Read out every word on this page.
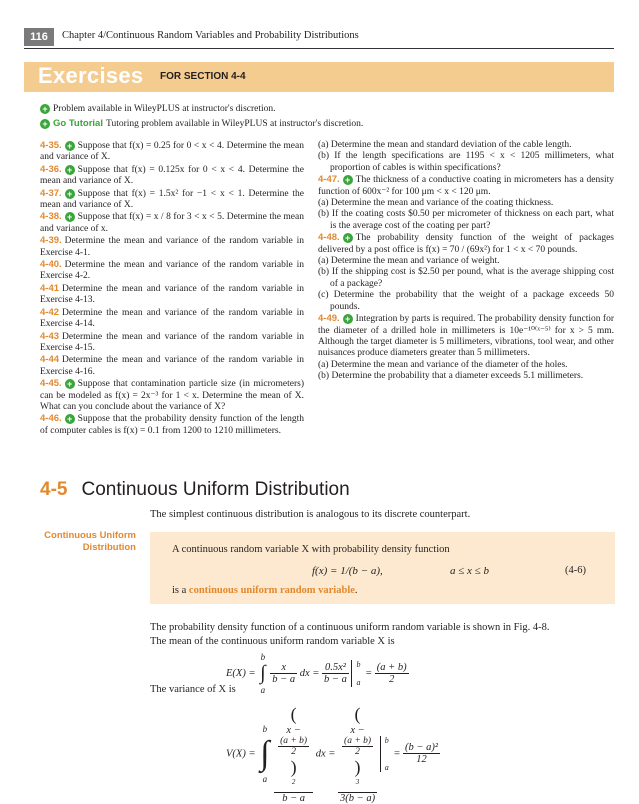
116	Chapter 4/Continuous Random Variables and Probability Distributions
Exercises FOR SECTION 4-4
+ Problem available in WileyPLUS at instructor's discretion.
+ Go Tutorial Tutoring problem available in WileyPLUS at instructor's discretion.

4-35. + Suppose that f(x) = 0.25 for 0 < x < 4. Determine the mean and variance of X.

4-36. + Suppose that f(x) = 0.125x for 0 < x < 4. Determine the mean and variance of X.

4-37. + Suppose that f(x) = 1.5x² for −1 < x < 1. Determine the mean and variance of X.

4-38. + Suppose that f(x) = x / 8 for 3 < x < 5. Determine the mean and variance of x.

4-39. Determine the mean and variance of the random variable in Exercise 4-1.

4-40. Determine the mean and variance of the random variable in Exercise 4-2.

4-41 Determine the mean and variance of the random variable in Exercise 4-13.

4-42 Determine the mean and variance of the random variable in Exercise 4-14.

4-43 Determine the mean and variance of the random variable in Exercise 4-15.

4-44 Determine the mean and variance of the random variable in Exercise 4-16.

4-45. + Suppose that contamination particle size (in micrometers) can be modeled as f(x) = 2x⁻³ for 1 < x. Determine the mean of X. What can you conclude about the variance of X?

4-46. + Suppose that the probability density function of the length of computer cables is f(x) = 0.1 from 1200 to 1210 millimeters.

(a) Determine the mean and standard deviation of the cable length.

(b) If the length specifications are 1195 < x < 1205 millimeters, what proportion of cables is within specifications?

4-47. + The thickness of a conductive coating in micrometers has a density function of 600x⁻² for 100 μm < x < 120 μm.

(a) Determine the mean and variance of the coating thickness.

(b) If the coating costs $0.50 per micrometer of thickness on each part, what is the average cost of the coating per part?

4-48. + The probability density function of the weight of packages delivered by a post office is f(x) = 70 / (69x²) for 1 < x < 70 pounds.

(a) Determine the mean and variance of weight.

(b) If the shipping cost is $2.50 per pound, what is the average shipping cost of a package?

(c) Determine the probability that the weight of a package exceeds 50 pounds.

4-49. + Integration by parts is required. The probability density function for the diameter of a drilled hole in millimeters is 10e⁻¹⁰⁽ˣ⁻⁵⁾ for x > 5 mm. Although the target diameter is 5 millimeters, vibrations, tool wear, and other nuisances produce diameters greater than 5 millimeters.

(a) Determine the mean and variance of the diameter of the holes.

(b) Determine the probability that a diameter exceeds 5.1 millimeters.

4-5 Continuous Uniform Distribution
The simplest continuous distribution is analogous to its discrete counterpart.
Continuous Uniform Distribution	A continuous random variable X with probability density function
f(x) = 1/(b − a),	a ≤ x ≤ b	(4-6)
is a continuous uniform random variable.
The probability density function of a continuous uniform random variable is shown in Fig. 4-8.
The mean of the continuous uniform random variable X is
E(X) =
b
∫
a

$\frac{x}{b - a}$ dx = $\frac{\text{0.5x²}}{b - a}$
b

a
= $\frac{(a + b)}{2}$
The variance of X is
V(X) =
b
∫
a
(
x −
(a + b)
2
)
$^2$
b − a dx = (
x −
(a + b)
2
)
$^3$
3(b − a)
b

a
= $\frac{\text{(b − a)²}}{12}$
